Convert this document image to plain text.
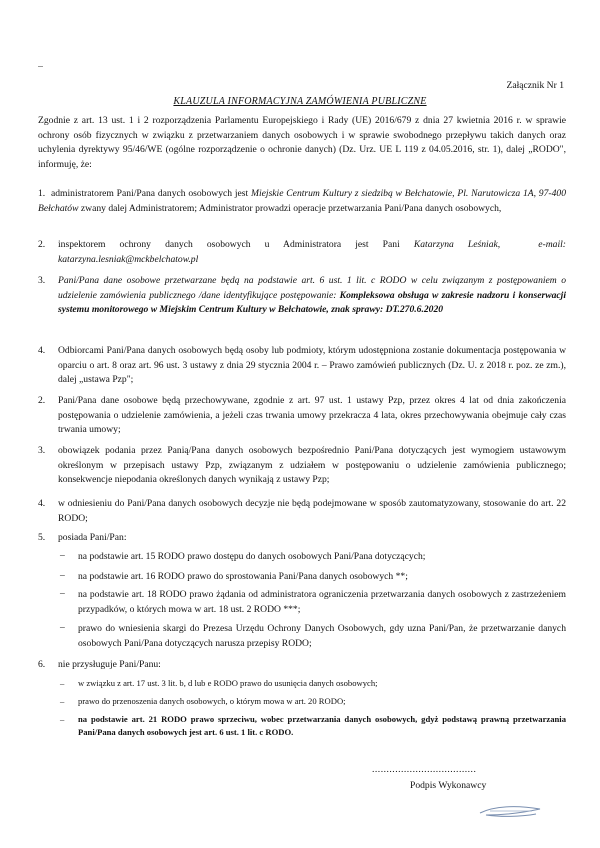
Załącznik Nr 1
KLAUZULA INFORMACYJNA ZAMÓWIENIA PUBLICZNE
Zgodnie z art. 13 ust. 1 i 2 rozporządzenia Parlamentu Europejskiego i Rady (UE) 2016/679 z dnia 27 kwietnia 2016 r. w sprawie ochrony osób fizycznych w związku z przetwarzaniem danych osobowych i w sprawie swobodnego przepływu takich danych oraz uchylenia dyrektywy 95/46/WE (ogólne rozporządzenie o ochronie danych) (Dz. Urz. UE L 119 z 04.05.2016, str. 1), dalej „RODO", informuję, że:
1. administratorem Pani/Pana danych osobowych jest Miejskie Centrum Kultury z siedzibą w Bełchatowie, Pl. Narutowicza 1A, 97-400 Bełchatów zwany dalej Administratorem; Administrator prowadzi operacje przetwarzania Pani/Pana danych osobowych,
2. inspektorem ochrony danych osobowych u Administratora jest Pani Katarzyna Leśniak,	e-mail: katarzyna.lesniak@mckbelchatow.pl
3. Pani/Pana dane osobowe przetwarzane będą na podstawie art. 6 ust. 1 lit. c RODO w celu związanym z postępowaniem o udzielenie zamówienia publicznego /dane identyfikujące postępowanie: Kompleksowa obsługa w zakresie nadzoru i konserwacji systemu monitorowego w Miejskim Centrum Kultury w Bełchatowie, znak sprawy: DT.270.6.2020
4. Odbiorcami Pani/Pana danych osobowych będą osoby lub podmioty, którym udostępniona zostanie dokumentacja postępowania w oparciu o art. 8 oraz art. 96 ust. 3 ustawy z dnia 29 stycznia 2004 r. – Prawo zamówień publicznych (Dz. U. z 2018 r. poz. ze zm.), dalej „ustawa Pzp";
2. Pani/Pana dane osobowe będą przechowywane, zgodnie z art. 97 ust. 1 ustawy Pzp, przez okres 4 lat od dnia zakończenia postępowania o udzielenie zamówienia, a jeżeli czas trwania umowy przekracza 4 lata, okres przechowywania obejmuje cały czas trwania umowy;
3. obowiązek podania przez Panią/Pana danych osobowych bezpośrednio Pani/Pana dotyczących jest wymogiem ustawowym określonym w przepisach ustawy Pzp, związanym z udziałem w postępowaniu o udzielenie zamówienia publicznego; konsekwencje niepodania określonych danych wynikają z ustawy Pzp;
4. w odniesieniu do Pani/Pana danych osobowych decyzje nie będą podejmowane w sposób zautomatyzowany, stosowanie do art. 22 RODO;
5. posiada Pani/Pan:
– na podstawie art. 15 RODO prawo dostępu do danych osobowych Pani/Pana dotyczących;
– na podstawie art. 16 RODO prawo do sprostowania Pani/Pana danych osobowych **;
– na podstawie art. 18 RODO prawo żądania od administratora ograniczenia przetwarzania danych osobowych z zastrzeżeniem przypadków, o których mowa w art. 18 ust. 2 RODO ***;
– prawo do wniesienia skargi do Prezesa Urzędu Ochrony Danych Osobowych, gdy uzna Pani/Pan, że przetwarzanie danych osobowych Pani/Pana dotyczących narusza przepisy RODO;
6. nie przysługuje Pani/Panu:
– w związku z art. 17 ust. 3 lit. b, d lub e RODO prawo do usunięcia danych osobowych;
– prawo do przenoszenia danych osobowych, o którym mowa w art. 20 RODO;
– na podstawie art. 21 RODO prawo sprzeciwu, wobec przetwarzania danych osobowych, gdyż podstawą prawną przetwarzania Pani/Pana danych osobowych jest art. 6 ust. 1 lit. c RODO.
....................................
Podpis Wykonawcy
